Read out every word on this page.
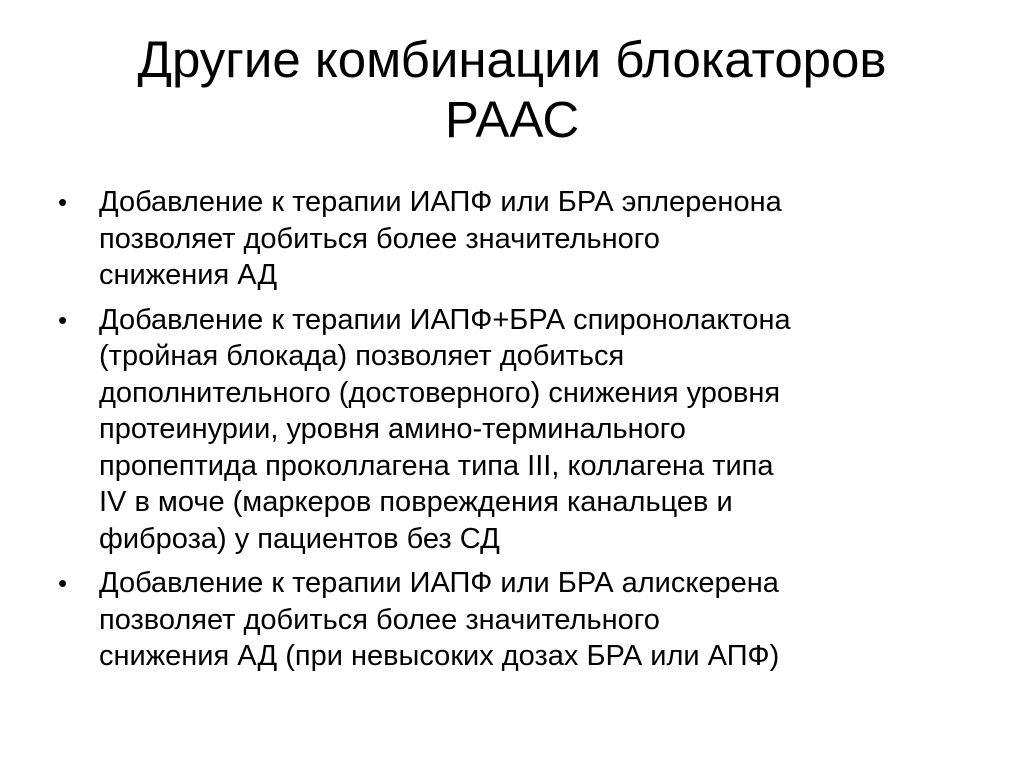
Другие комбинации блокаторов
РААС
• Добавление к терапии ИАПФ или БРА эплеренона
позволяет добиться более значительного
снижения АД
• Добавление к терапии ИАПФ+БРА спиронолактона
(тройная блокада) позволяет добиться
дополнительного (достоверного) снижения уровня
протеинурии, уровня амино-терминального
пропептида проколлагена типа III, коллагена типа
IV в моче (маркеров повреждения канальцев и
фиброза) у пациентов без СД
• Добавление к терапии ИАПФ или БРА алискерена
позволяет добиться более значительного
снижения АД (при невысоких дозах БРА или АПФ)
